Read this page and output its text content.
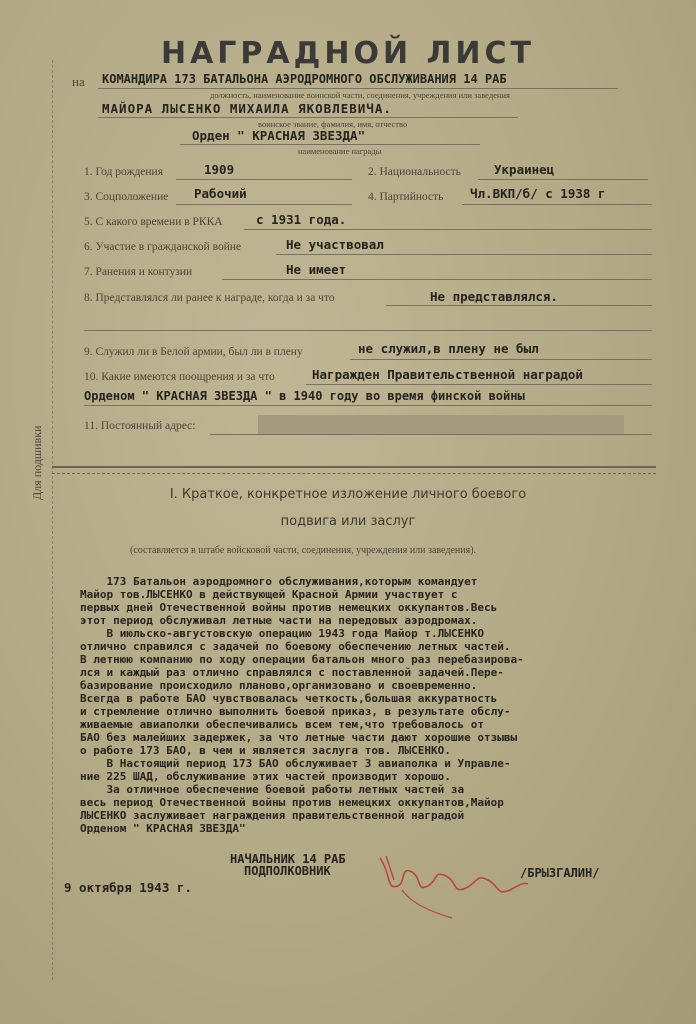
Для подшивки
НАГРАДНОЙ ЛИСТ
на КОМАНДИРА 173 БАТАЛЬОНА АЭРОДРОМНОГО ОБСЛУЖИВАНИЯ 14 РАБ
должность, наименование воинской части, соединения, учреждения или заведения
МАЙОРА ЛЫСЕНКО МИХАИЛА ЯКОВЛЕВИЧА.
воинское звание, фамилия, имя, отчество
Орден " КРАСНАЯ ЗВЕЗДА"
наименование награды
1. Год рождения	1909	2. Национальность	Украинец
3. Соцположение Рабочий	4. Партийность Чл.ВКП/б/ с 1938 г
5. С какого времени в РККА	с 1931 года.
6. Участие в гражданской войне	Не участвовал
7. Ранения и контузии	Не имеет
8. Представлялся ли ранее к награде, когда и за что	Не представлялся.
9. Служил ли в Белой армии, был ли в плену	не служил,в плену не был
10. Какие имеются поощрения и за что	Награжден Правительственной наградой
Орденом " КРАСНАЯ ЗВЕЗДА " в 1940 году во время финской войны
11. Постоянный адрес:
I. Краткое, конкретное изложение личного боевого
подвига или заслуг
(составляется в штабе войсковой части, соединения, учреждения или заведения).
173 Батальон аэродромного обслуживания,которым командует
Майор тов.ЛЫСЕНКО в действующей Красной Армии участвует с
первых дней Отечественной войны против немецких оккупантов.Весь
этот период обслуживал летные части на передовых аэродромах.
В июльско-августовскую операцию 1943 года Майор т.ЛЫСЕНКО
отлично справился с задачей по боевому обеспечению летных частей.
В летнюю компанию по ходу операции батальон много раз перебазирова-
лся и каждый раз отлично справлялся с поставленной задачей.Пере-
базирование происходило планово,организовано и своевременно.
Всегда в работе БАО чувствовалась четкость,большая аккуратность
и стремление отлично выполнить боевой приказ, в результате обслу-
живаемые авиаполки обеспечивались всем тем,что требовалось от
БАО без малейших задержек, за что летные части дают хорошие отзывы
о работе 173 БАО, в чем и является заслуга тов. ЛЫСЕНКО.
В Настоящий период 173 БАО обслуживает 3 авиаполка и Управле-
ние 225 ШАД, обслуживание этих частей производит хорошо.
За отличное обеспечение боевой работы летных частей за
весь период Отечественной войны против немецких оккупантов,Майор
ЛЫСЕНКО заслуживает награждения правительственной наградой
Орденом " КРАСНАЯ ЗВЕЗДА"
НАЧАЛЬНИК 14 РАБ
ПОДПОЛКОВНИК	/БРЫЗГАЛИН/
9 октября 1943 г.
